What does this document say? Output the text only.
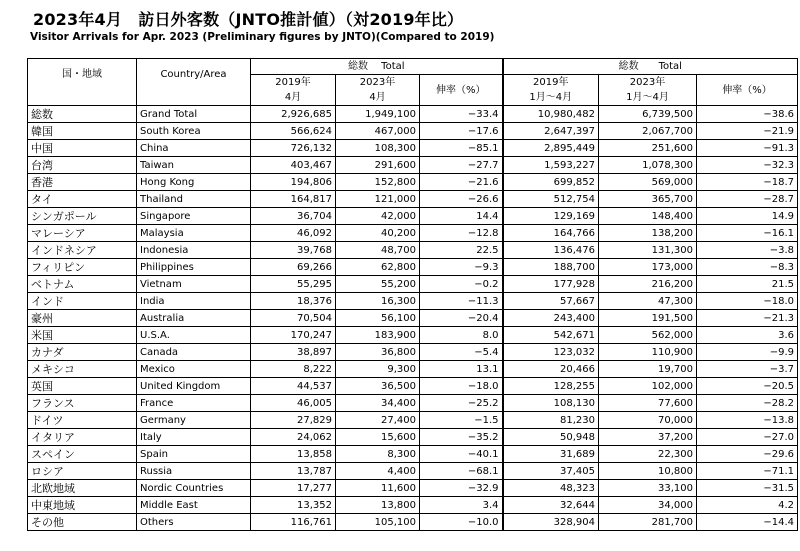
2023年4月　訪日外客数（JNTO推計値）（対2019年比）
Visitor Arrivals for Apr. 2023 (Preliminary figures by JNTO)(Compared to 2019)
国・地域	Country/Area	総数　 Total			総数　　Total		
		2019年	2023年	伸率（%）	2019年	2023年	伸率（%）
		4月	4月		1月～4月	1月～4月	
総数	Grand Total	2,926,685	1,949,100	−33.4	10,980,482	6,739,500	−38.6
韓国	South Korea	566,624	467,000	−17.6	2,647,397	2,067,700	−21.9
中国	China	726,132	108,300	−85.1	2,895,449	251,600	−91.3
台湾	Taiwan	403,467	291,600	−27.7	1,593,227	1,078,300	−32.3
香港	Hong Kong	194,806	152,800	−21.6	699,852	569,000	−18.7
タイ	Thailand	164,817	121,000	−26.6	512,754	365,700	−28.7
シンガポール	Singapore	36,704	42,000	14.4	129,169	148,400	14.9
マレーシア	Malaysia	46,092	40,200	−12.8	164,766	138,200	−16.1
インドネシア	Indonesia	39,768	48,700	22.5	136,476	131,300	−3.8
フィリピン	Philippines	69,266	62,800	−9.3	188,700	173,000	−8.3
ベトナム	Vietnam	55,295	55,200	−0.2	177,928	216,200	21.5
インド	India	18,376	16,300	−11.3	57,667	47,300	−18.0
豪州	Australia	70,504	56,100	−20.4	243,400	191,500	−21.3
米国	U.S.A.	170,247	183,900	8.0	542,671	562,000	3.6
カナダ	Canada	38,897	36,800	−5.4	123,032	110,900	−9.9
メキシコ	Mexico	8,222	9,300	13.1	20,466	19,700	−3.7
英国	United Kingdom	44,537	36,500	−18.0	128,255	102,000	−20.5
フランス	France	46,005	34,400	−25.2	108,130	77,600	−28.2
ドイツ	Germany	27,829	27,400	−1.5	81,230	70,000	−13.8
イタリア	Italy	24,062	15,600	−35.2	50,948	37,200	−27.0
スペイン	Spain	13,858	8,300	−40.1	31,689	22,300	−29.6
ロシア	Russia	13,787	4,400	−68.1	37,405	10,800	−71.1
北欧地域	Nordic Countries	17,277	11,600	−32.9	48,323	33,100	−31.5
中東地域	Middle East	13,352	13,800	3.4	32,644	34,000	4.2
その他	Others	116,761	105,100	−10.0	328,904	281,700	−14.4
